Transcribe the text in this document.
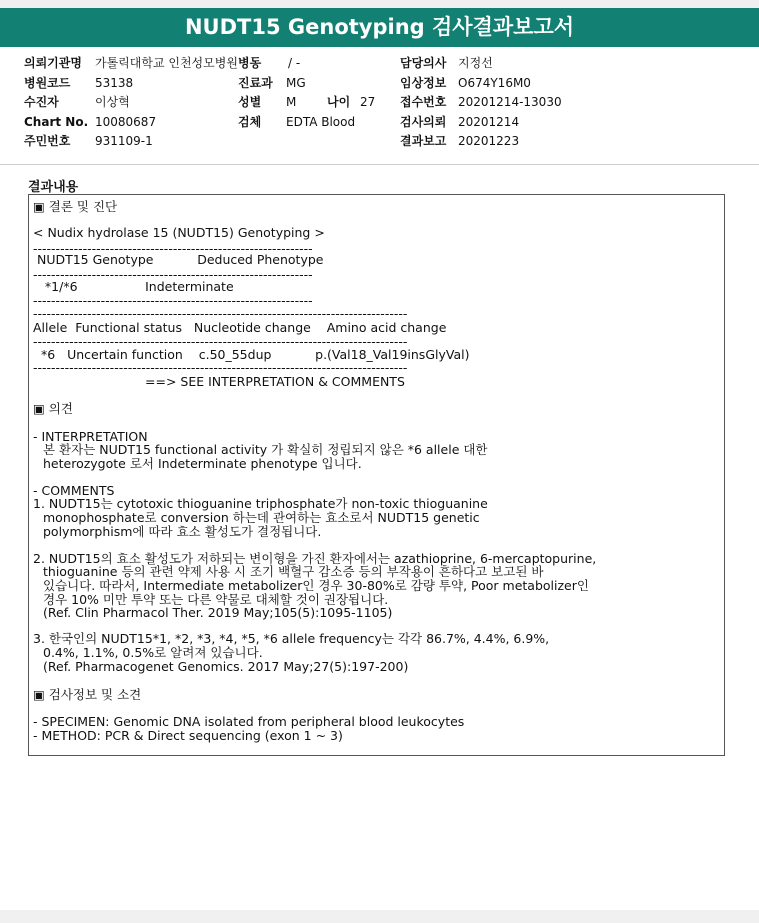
NUDT15 Genotyping 검사결과보고서
의뢰기관명 가톨릭대학교 인천성모병원 병동 / -	담당의사 지정선
병원코드 53138	진료과 MG	임상정보 O674Y16M0
수진자	이상혁	성별 M	나이 27 접수번호 20201214-13030
Chart No. 10080687	검체 EDTA Blood	검사의뢰 20201214
주민번호 931109-1	결과보고 20201223
결과내용
▣ 결론 및 진단
< Nudix hydrolase 15 (NUDT15) Genotyping >
--------------------------------------------------------------
NUDT15 Genotype           Deduced Phenotype
--------------------------------------------------------------
*1/*6                 Indeterminate
--------------------------------------------------------------
-----------------------------------------------------------------------------------
Allele  Functional status   Nucleotide change    Amino acid change
-----------------------------------------------------------------------------------
*6   Uncertain function    c.50_55dup           p.(Val18_Val19insGlyVal)
-----------------------------------------------------------------------------------
==> SEE INTERPRETATION & COMMENTS
▣ 의견
- INTERPRETATION
본 환자는 NUDT15 functional activity 가 확실히 정립되지 않은 *6 allele 대한
heterozygote 로서 Indeterminate phenotype 입니다.
- COMMENTS
1. NUDT15는 cytotoxic thioguanine triphosphate가 non-toxic thioguanine
monophosphate로 conversion 하는데 관여하는 효소로서 NUDT15 genetic
polymorphism에 따라 효소 활성도가 결정됩니다.
2. NUDT15의 효소 활성도가 저하되는 변이형을 가진 환자에서는 azathioprine, 6-mercaptopurine,
thioguanine 등의 관련 약제 사용 시 조기 백혈구 감소증 등의 부작용이 흔하다고 보고된 바
있습니다. 따라서, Intermediate metabolizer인 경우 30-80%로 감량 투약, Poor metabolizer인
경우 10% 미만 투약 또는 다른 약물로 대체할 것이 권장됩니다.
(Ref. Clin Pharmacol Ther. 2019 May;105(5):1095-1105)
3. 한국인의 NUDT15*1, *2, *3, *4, *5, *6 allele frequency는 각각 86.7%, 4.4%, 6.9%,
0.4%, 1.1%, 0.5%로 알려져 있습니다.
(Ref. Pharmacogenet Genomics. 2017 May;27(5):197-200)
▣ 검사정보 및 소견
- SPECIMEN: Genomic DNA isolated from peripheral blood leukocytes
- METHOD: PCR & Direct sequencing (exon 1 ~ 3)
